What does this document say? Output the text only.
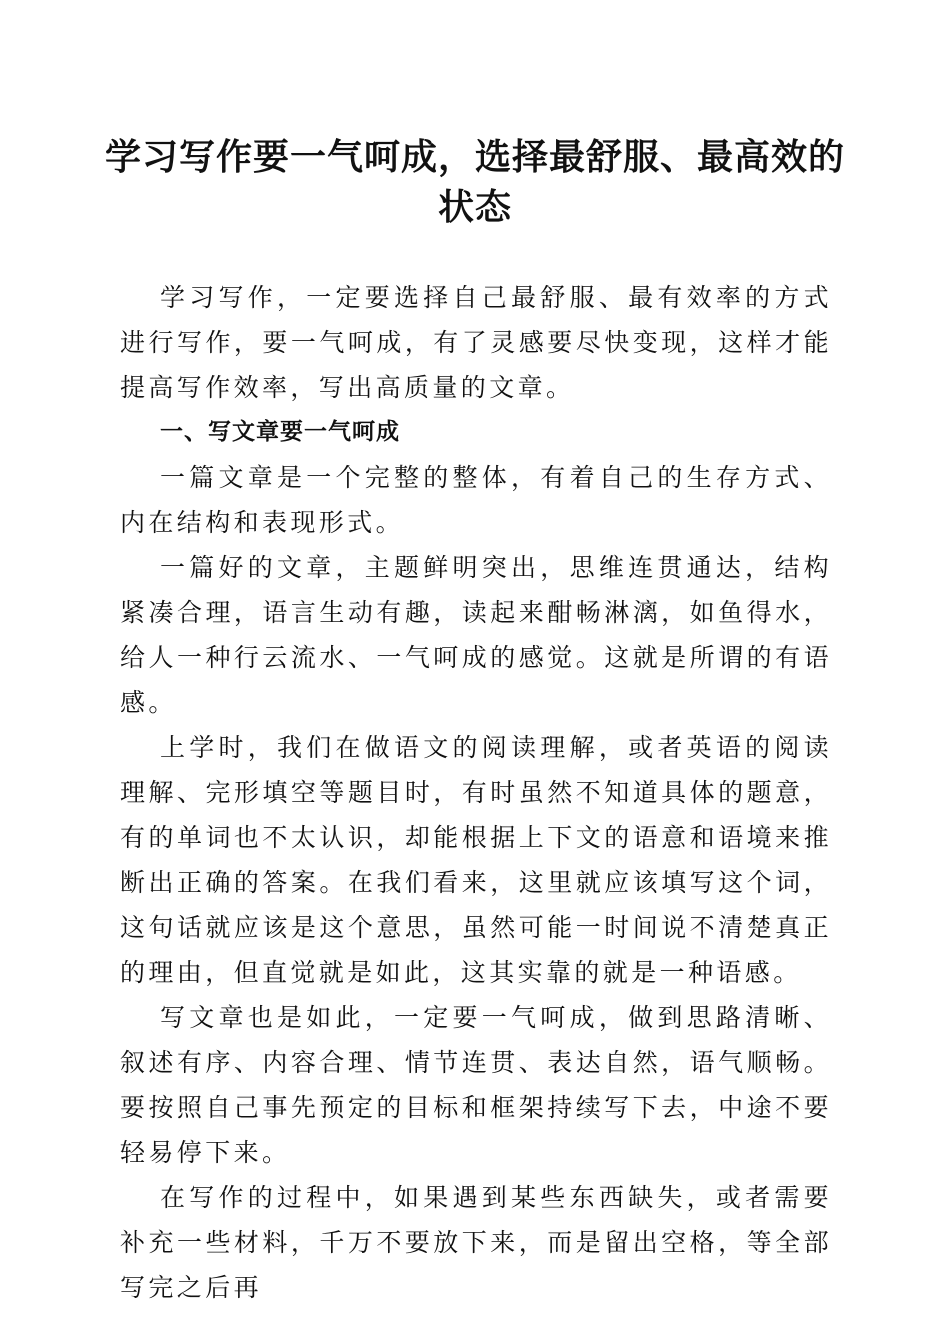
学习写作要一气呵成，选择最舒服、最高效的状态

学习写作，一定要选择自己最舒服、最有效率的方式进行写作，要一气呵成，有了灵感要尽快变现，这样才能提高写作效率，写出高质量的文章。

一、写文章要一气呵成

一篇文章是一个完整的整体，有着自己的生存方式、内在结构和表现形式。

一篇好的文章，主题鲜明突出，思维连贯通达，结构紧凑合理，语言生动有趣，读起来酣畅淋漓，如鱼得水，给人一种行云流水、一气呵成的感觉。这就是所谓的有语感。

上学时，我们在做语文的阅读理解，或者英语的阅读理解、完形填空等题目时，有时虽然不知道具体的题意，有的单词也不太认识，却能根据上下文的语意和语境来推断出正确的答案。在我们看来，这里就应该填写这个词，这句话就应该是这个意思，虽然可能一时间说不清楚真正的理由，但直觉就是如此，这其实靠的就是一种语感。

写文章也是如此，一定要一气呵成，做到思路清晰、叙述有序、内容合理、情节连贯、表达自然，语气顺畅。要按照自己事先预定的目标和框架持续写下去，中途不要轻易停下来。

在写作的过程中，如果遇到某些东西缺失，或者需要补充一些材料，千万不要放下来，而是留出空格，等全部写完之后再
